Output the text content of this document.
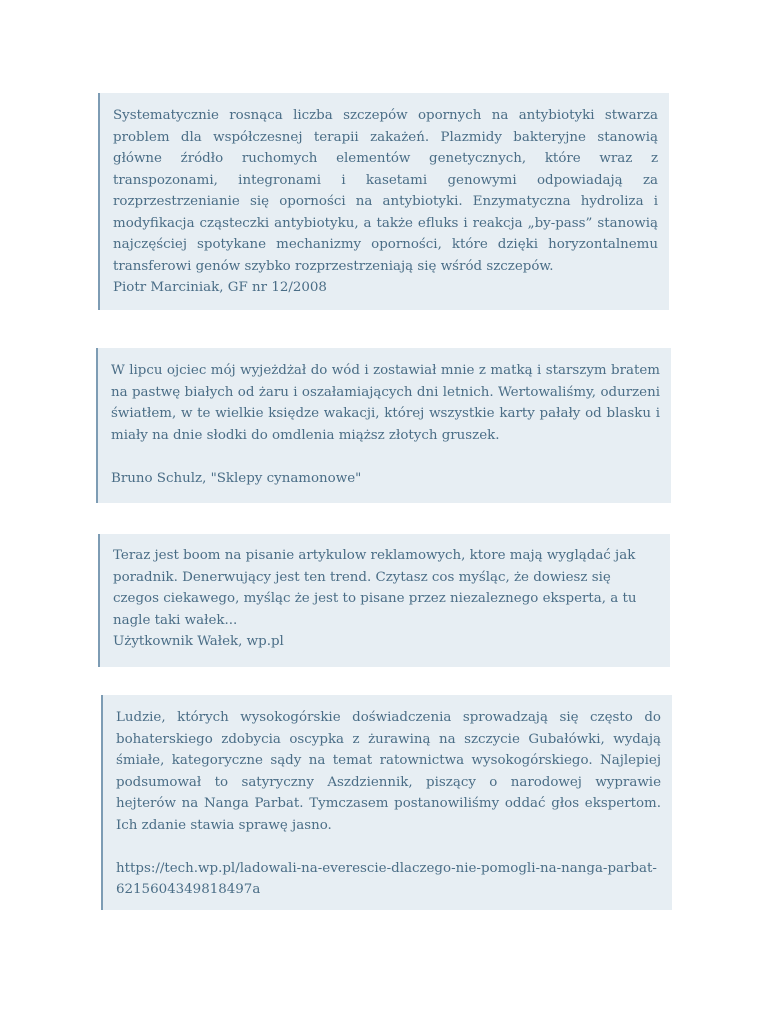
Systematycznie rosnąca liczba szczepów opornych na antybiotyki stwarza problem dla współczesnej terapii zakażeń. Plazmidy bakteryjne stanowią główne źródło ruchomych elementów genetycznych, które wraz z transpozonami, integronami i kasetami genowymi odpowiadają za rozprzestrzenianie się oporności na antybiotyki. Enzymatyczna hydroliza i modyfikacja cząsteczki antybiotyku, a także efluks i reakcja „by-pass” stanowią najczęściej spotykane mechanizmy oporności, które dzięki horyzontalnemu transferowi genów szybko rozprzestrzeniają się wśród szczepów.

Piotr Marciniak, GF nr 12/2008

W lipcu ojciec mój wyjeżdżał do wód i zostawiał mnie z matką i starszym bratem na pastwę białych od żaru i oszałamiających dni letnich. Wertowaliśmy, odurzeni światłem, w te wielkie księdze wakacji, której wszystkie karty pałały od blasku i miały na dnie słodki do omdlenia miąższ złotych gruszek.

Bruno Schulz, "Sklepy cynamonowe"

Teraz jest boom na pisanie artykulow reklamowych, ktore mają wyglądać jak poradnik. Denerwujący jest ten trend. Czytasz cos myśląc, że dowiesz się czegos ciekawego, myśląc że jest to pisane przez niezaleznego eksperta, a tu nagle taki wałek...

Użytkownik Wałek, wp.pl

Ludzie, których wysokogórskie doświadczenia sprowadzają się często do bohaterskiego zdobycia oscypka z żurawiną na szczycie Gubałówki, wydają śmiałe, kategoryczne sądy na temat ratownictwa wysokogórskiego. Najlepiej podsumował to satyryczny Aszdziennik, piszący o narodowej wyprawie hejterów na Nanga Parbat. Tymczasem postanowiliśmy oddać głos ekspertom. Ich zdanie stawia sprawę jasno.

https://tech.wp.pl/ladowali-na-everescie-dlaczego-nie-pomogli-na-nanga-parbat-6215604349818497a
